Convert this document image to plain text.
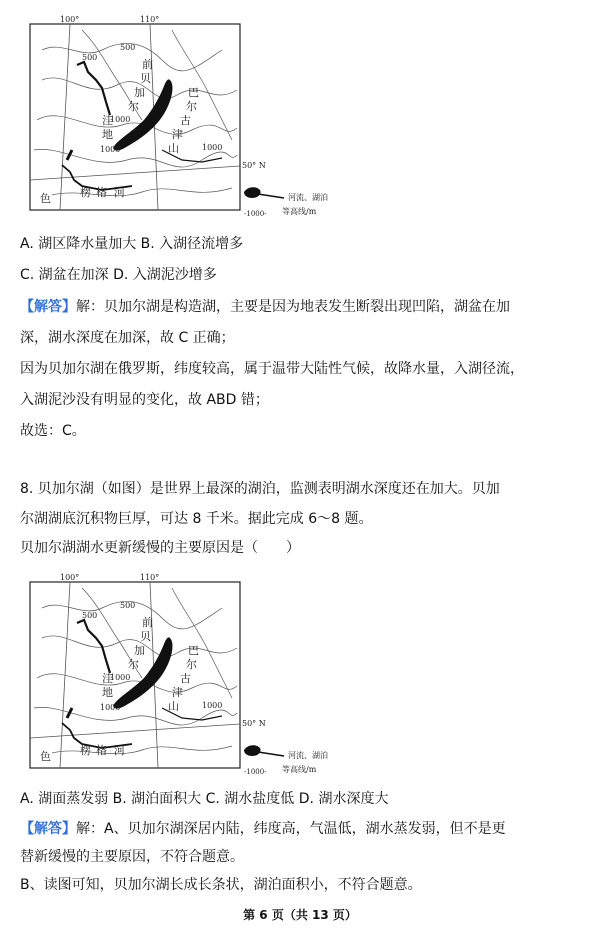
100°	110°
50° N
500
500
1000
1000	1000
前
贝
加
尔
洼
地
巴
尔
古
津
山
色	楞 格 河	河流、湖泊
-1000- 等高线/m
A. 湖区降水量加大 B. 入湖径流增多
C. 湖盆在加深 D. 入湖泥沙增多
【解答】解：贝加尔湖是构造湖，主要是因为地表发生断裂出现凹陷，湖盆在加
深，湖水深度在加深，故 C 正确；
因为贝加尔湖在俄罗斯，纬度较高，属于温带大陆性气候，故降水量，入湖径流，
入湖泥沙没有明显的变化，故 ABD 错；
故选：C。
8. 贝加尔湖（如图）是世界上最深的湖泊，监测表明湖水深度还在加大。贝加
尔湖湖底沉积物巨厚，可达 8 千米。据此完成 6～8 题。
贝加尔湖湖水更新缓慢的主要原因是（　　）
100°	110°
50° N
500
500
1000
1000	1000
前
贝
加
尔
洼
地
巴
尔
古
津
山
色	楞 格 河	河流、湖泊
-1000- 等高线/m
A. 湖面蒸发弱 B. 湖泊面积大 C. 湖水盐度低 D. 湖水深度大
【解答】解：A、贝加尔湖深居内陆，纬度高，气温低，湖水蒸发弱，但不是更
替新缓慢的主要原因，不符合题意。
B、读图可知，贝加尔湖长成长条状，湖泊面积小，不符合题意。
第 6 页（共 13 页）
